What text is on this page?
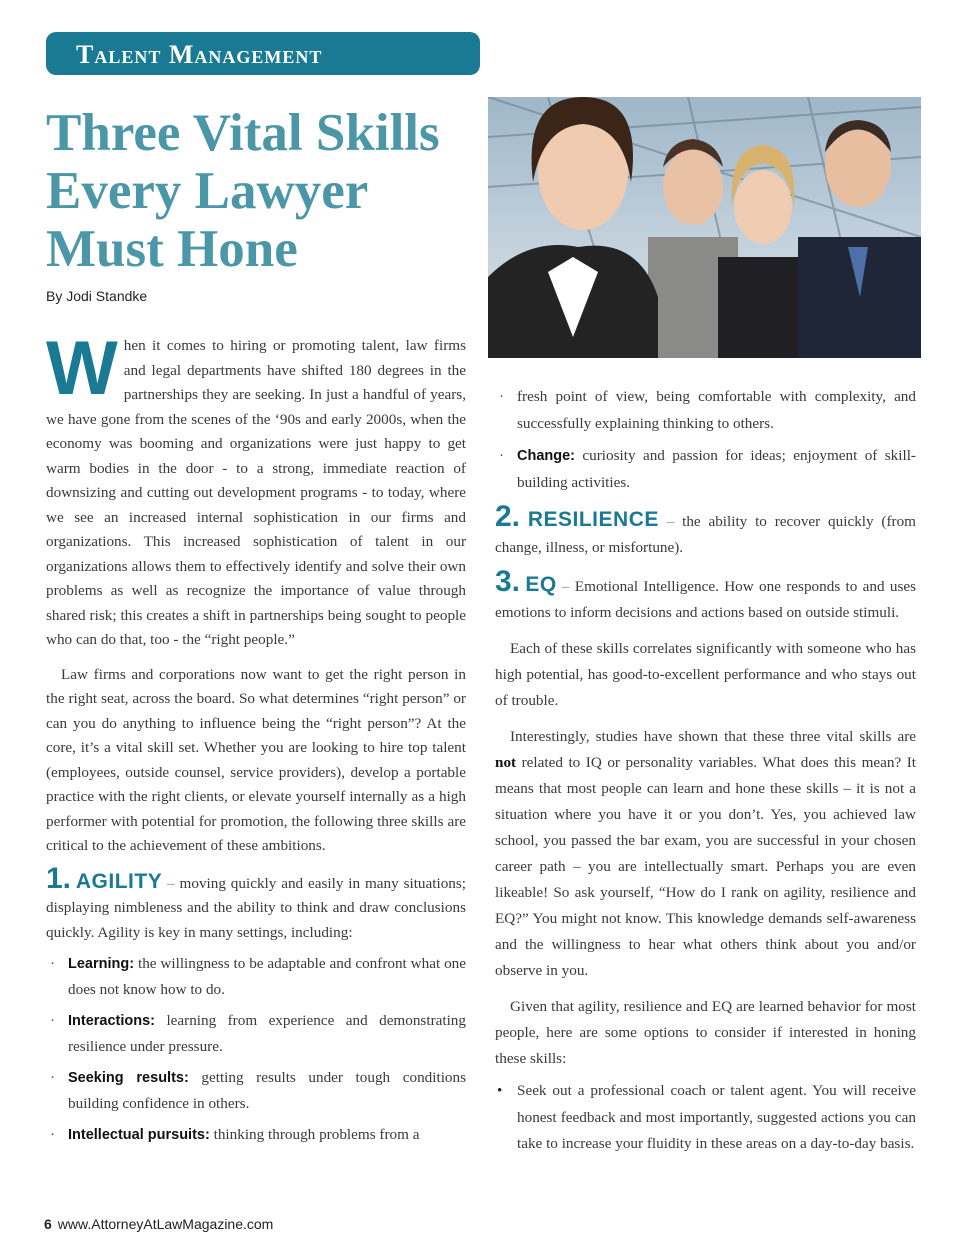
Talent Management
Three Vital Skills Every Lawyer Must Hone
By Jodi Standke

When it comes to hiring or promoting talent, law firms and legal departments have shifted 180 degrees in the partnerships they are seeking. In just a handful of years, we have gone from the scenes of the ‘90s and early 2000s, when the economy was booming and organizations were just happy to get warm bodies in the door - to a strong, immediate reaction of downsizing and cutting out development programs - to today, where we see an increased internal sophistication in our firms and organizations. This increased sophistication of talent in our organizations allows them to effectively identify and solve their own problems as well as recognize the importance of value through shared risk; this creates a shift in partnerships being sought to people who can do that, too - the “right people.”

Law firms and corporations now want to get the right person in the right seat, across the board. So what determines “right person” or can you do anything to influence being the “right person”? At the core, it’s a vital skill set. Whether you are looking to hire top talent (employees, outside counsel, service providers), develop a portable practice with the right clients, or elevate yourself internally as a high performer with potential for promotion, the following three skills are critical to the achievement of these ambitions.

1. AGILITY – moving quickly and easily in many situations; displaying nimbleness and the ability to think and draw conclusions quickly. Agility is key in many settings, including:

· Learning: the willingness to be adaptable and confront what one does not know how to do.
· Interactions: learning from experience and demonstrating resilience under pressure.
· Seeking results: getting results under tough conditions building confidence in others.
· Intellectual pursuits: thinking through problems from a
· fresh point of view, being comfortable with complexity, and successfully explaining thinking to others.
· Change: curiosity and passion for ideas; enjoyment of skill-building activities.

2. RESILIENCE – the ability to recover quickly (from change, illness, or misfortune).

3. EQ – Emotional Intelligence. How one responds to and uses emotions to inform decisions and actions based on outside stimuli.

Each of these skills correlates significantly with someone who has high potential, has good-to-excellent performance and who stays out of trouble.

Interestingly, studies have shown that these three vital skills are not related to IQ or personality variables. What does this mean? It means that most people can learn and hone these skills – it is not a situation where you have it or you don’t. Yes, you achieved law school, you passed the bar exam, you are successful in your chosen career path – you are intellectually smart. Perhaps you are even likeable! So ask yourself, “How do I rank on agility, resilience and EQ?” You might not know. This knowledge demands self-awareness and the willingness to hear what others think about you and/or observe in you.

Given that agility, resilience and EQ are learned behavior for most people, here are some options to consider if interested in honing these skills:

• Seek out a professional coach or talent agent. You will receive honest feedback and most importantly, suggested actions you can take to increase your fluidity in these areas on a day-to-day basis.
6 www.AttorneyAtLawMagazine.com
